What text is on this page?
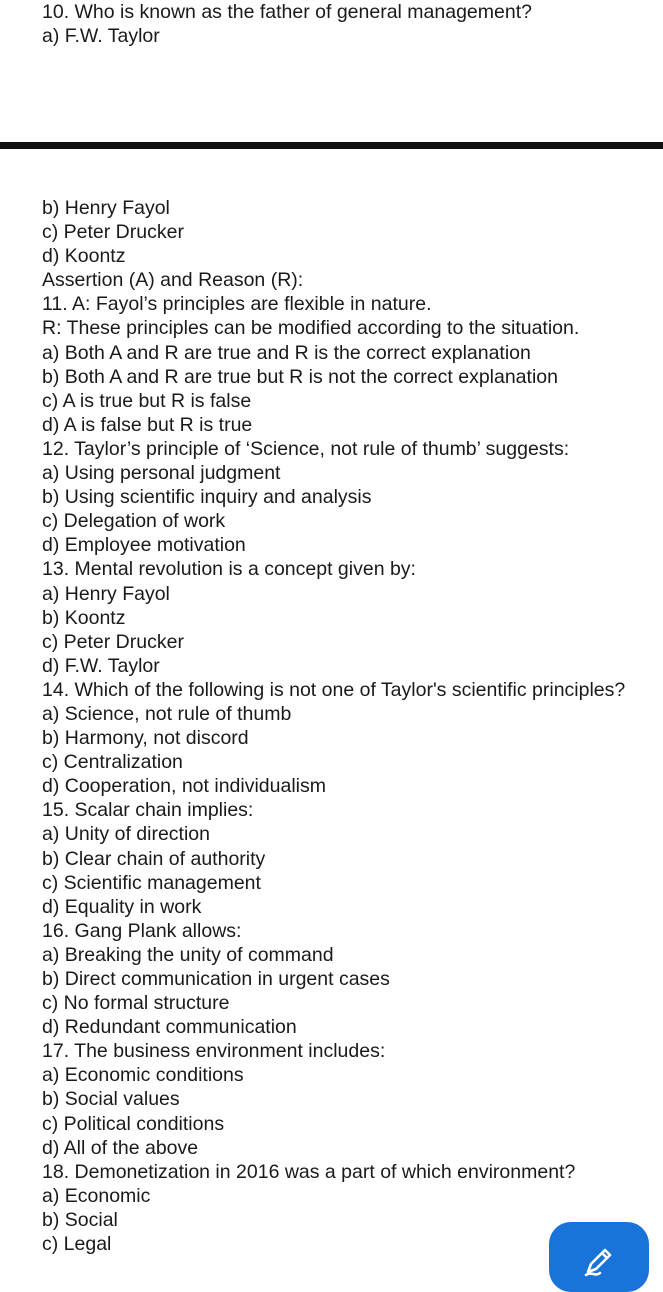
10. Who is known as the father of general management?
a) F.W. Taylor
b) Henry Fayol
c) Peter Drucker
d) Koontz
Assertion (A) and Reason (R):
11. A: Fayol’s principles are flexible in nature.
R: These principles can be modified according to the situation.
a) Both A and R are true and R is the correct explanation
b) Both A and R are true but R is not the correct explanation
c) A is true but R is false
d) A is false but R is true
12. Taylor’s principle of ‘Science, not rule of thumb’ suggests:
a) Using personal judgment
b) Using scientific inquiry and analysis
c) Delegation of work
d) Employee motivation
13. Mental revolution is a concept given by:
a) Henry Fayol
b) Koontz
c) Peter Drucker
d) F.W. Taylor
14. Which of the following is not one of Taylor's scientific principles?
a) Science, not rule of thumb
b) Harmony, not discord
c) Centralization
d) Cooperation, not individualism
15. Scalar chain implies:
a) Unity of direction
b) Clear chain of authority
c) Scientific management
d) Equality in work
16. Gang Plank allows:
a) Breaking the unity of command
b) Direct communication in urgent cases
c) No formal structure
d) Redundant communication
17. The business environment includes:
a) Economic conditions
b) Social values
c) Political conditions
d) All of the above
18. Demonetization in 2016 was a part of which environment?
a) Economic
b) Social
c) Legal
